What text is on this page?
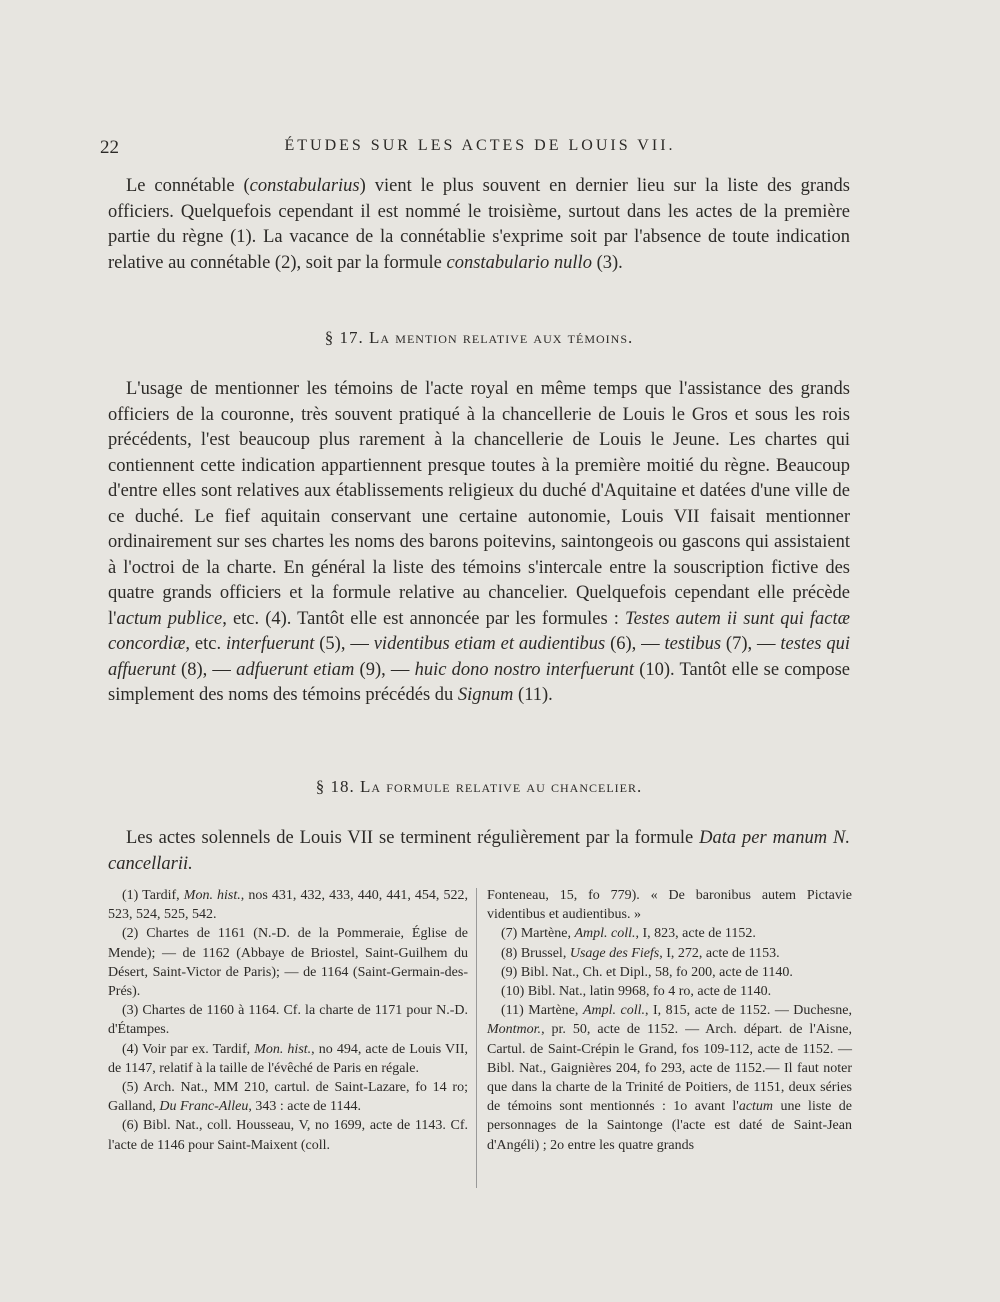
22	ÉTUDES SUR LES ACTES DE LOUIS VII.

Le connétable (constabularius) vient le plus souvent en dernier lieu sur la liste des grands officiers. Quelquefois cependant il est nommé le troisième, surtout dans les actes de la première partie du règne (1). La vacance de la connétablie s'exprime soit par l'absence de toute indication relative au connétable (2), soit par la formule constabulario nullo (3).

§ 17. La mention relative aux témoins.

L'usage de mentionner les témoins de l'acte royal en même temps que l'assistance des grands officiers de la couronne, très souvent pratiqué à la chancellerie de Louis le Gros et sous les rois précédents, l'est beaucoup plus rarement à la chancellerie de Louis le Jeune. Les chartes qui contiennent cette indication appartiennent presque toutes à la première moitié du règne. Beaucoup d'entre elles sont relatives aux établissements religieux du duché d'Aquitaine et datées d'une ville de ce duché. Le fief aquitain conservant une certaine autonomie, Louis VII faisait mentionner ordinairement sur ses chartes les noms des barons poitevins, saintongeois ou gascons qui assistaient à l'octroi de la charte. En général la liste des témoins s'intercale entre la souscription fictive des quatre grands officiers et la formule relative au chancelier. Quelquefois cependant elle précède l'actum publice, etc. (4). Tantôt elle est annoncée par les formules : Testes autem ii sunt qui factæ concordiæ, etc. interfuerunt (5), — videntibus etiam et audientibus (6), — testibus (7), — testes qui affuerunt (8), — adfuerunt etiam (9), — huic dono nostro interfuerunt (10). Tantôt elle se compose simplement des noms des témoins précédés du Signum (11).

§ 18. La formule relative au chancelier.

Les actes solennels de Louis VII se terminent régulièrement par la formule Data per manum N. cancellarii.

(1) Tardif, Mon. hist., nos 431, 432, 433, 440, 441, 454, 522, 523, 524, 525, 542.

(2) Chartes de 1161 (N.-D. de la Pommeraie, Église de Mende); — de 1162 (Abbaye de Briostel, Saint-Guilhem du Désert, Saint-Victor de Paris); — de 1164 (Saint-Germain-des-Prés).

(3) Chartes de 1160 à 1164. Cf. la charte de 1171 pour N.-D. d'Étampes.

(4) Voir par ex. Tardif, Mon. hist., no 494, acte de Louis VII, de 1147, relatif à la taille de l'évêché de Paris en régale.

(5) Arch. Nat., MM 210, cartul. de Saint-Lazare, fo 14 ro; Galland, Du Franc-Alleu, 343 : acte de 1144.

(6) Bibl. Nat., coll. Housseau, V, no 1699, acte de 1143. Cf. l'acte de 1146 pour Saint-Maixent (coll.

Fonteneau, 15, fo 779). « De baronibus autem Pictavie videntibus et audientibus. »

(7) Martène, Ampl. coll., I, 823, acte de 1152.

(8) Brussel, Usage des Fiefs, I, 272, acte de 1153.

(9) Bibl. Nat., Ch. et Dipl., 58, fo 200, acte de 1140.

(10) Bibl. Nat., latin 9968, fo 4 ro, acte de 1140.

(11) Martène, Ampl. coll., I, 815, acte de 1152. — Duchesne, Montmor., pr. 50, acte de 1152. — Arch. départ. de l'Aisne, Cartul. de Saint-Crépin le Grand, fos 109-112, acte de 1152. — Bibl. Nat., Gaignières 204, fo 293, acte de 1152.— Il faut noter que dans la charte de la Trinité de Poitiers, de 1151, deux séries de témoins sont mentionnés : 1o avant l'actum une liste de personnages de la Saintonge (l'acte est daté de Saint-Jean d'Angéli) ; 2o entre les quatre grands
